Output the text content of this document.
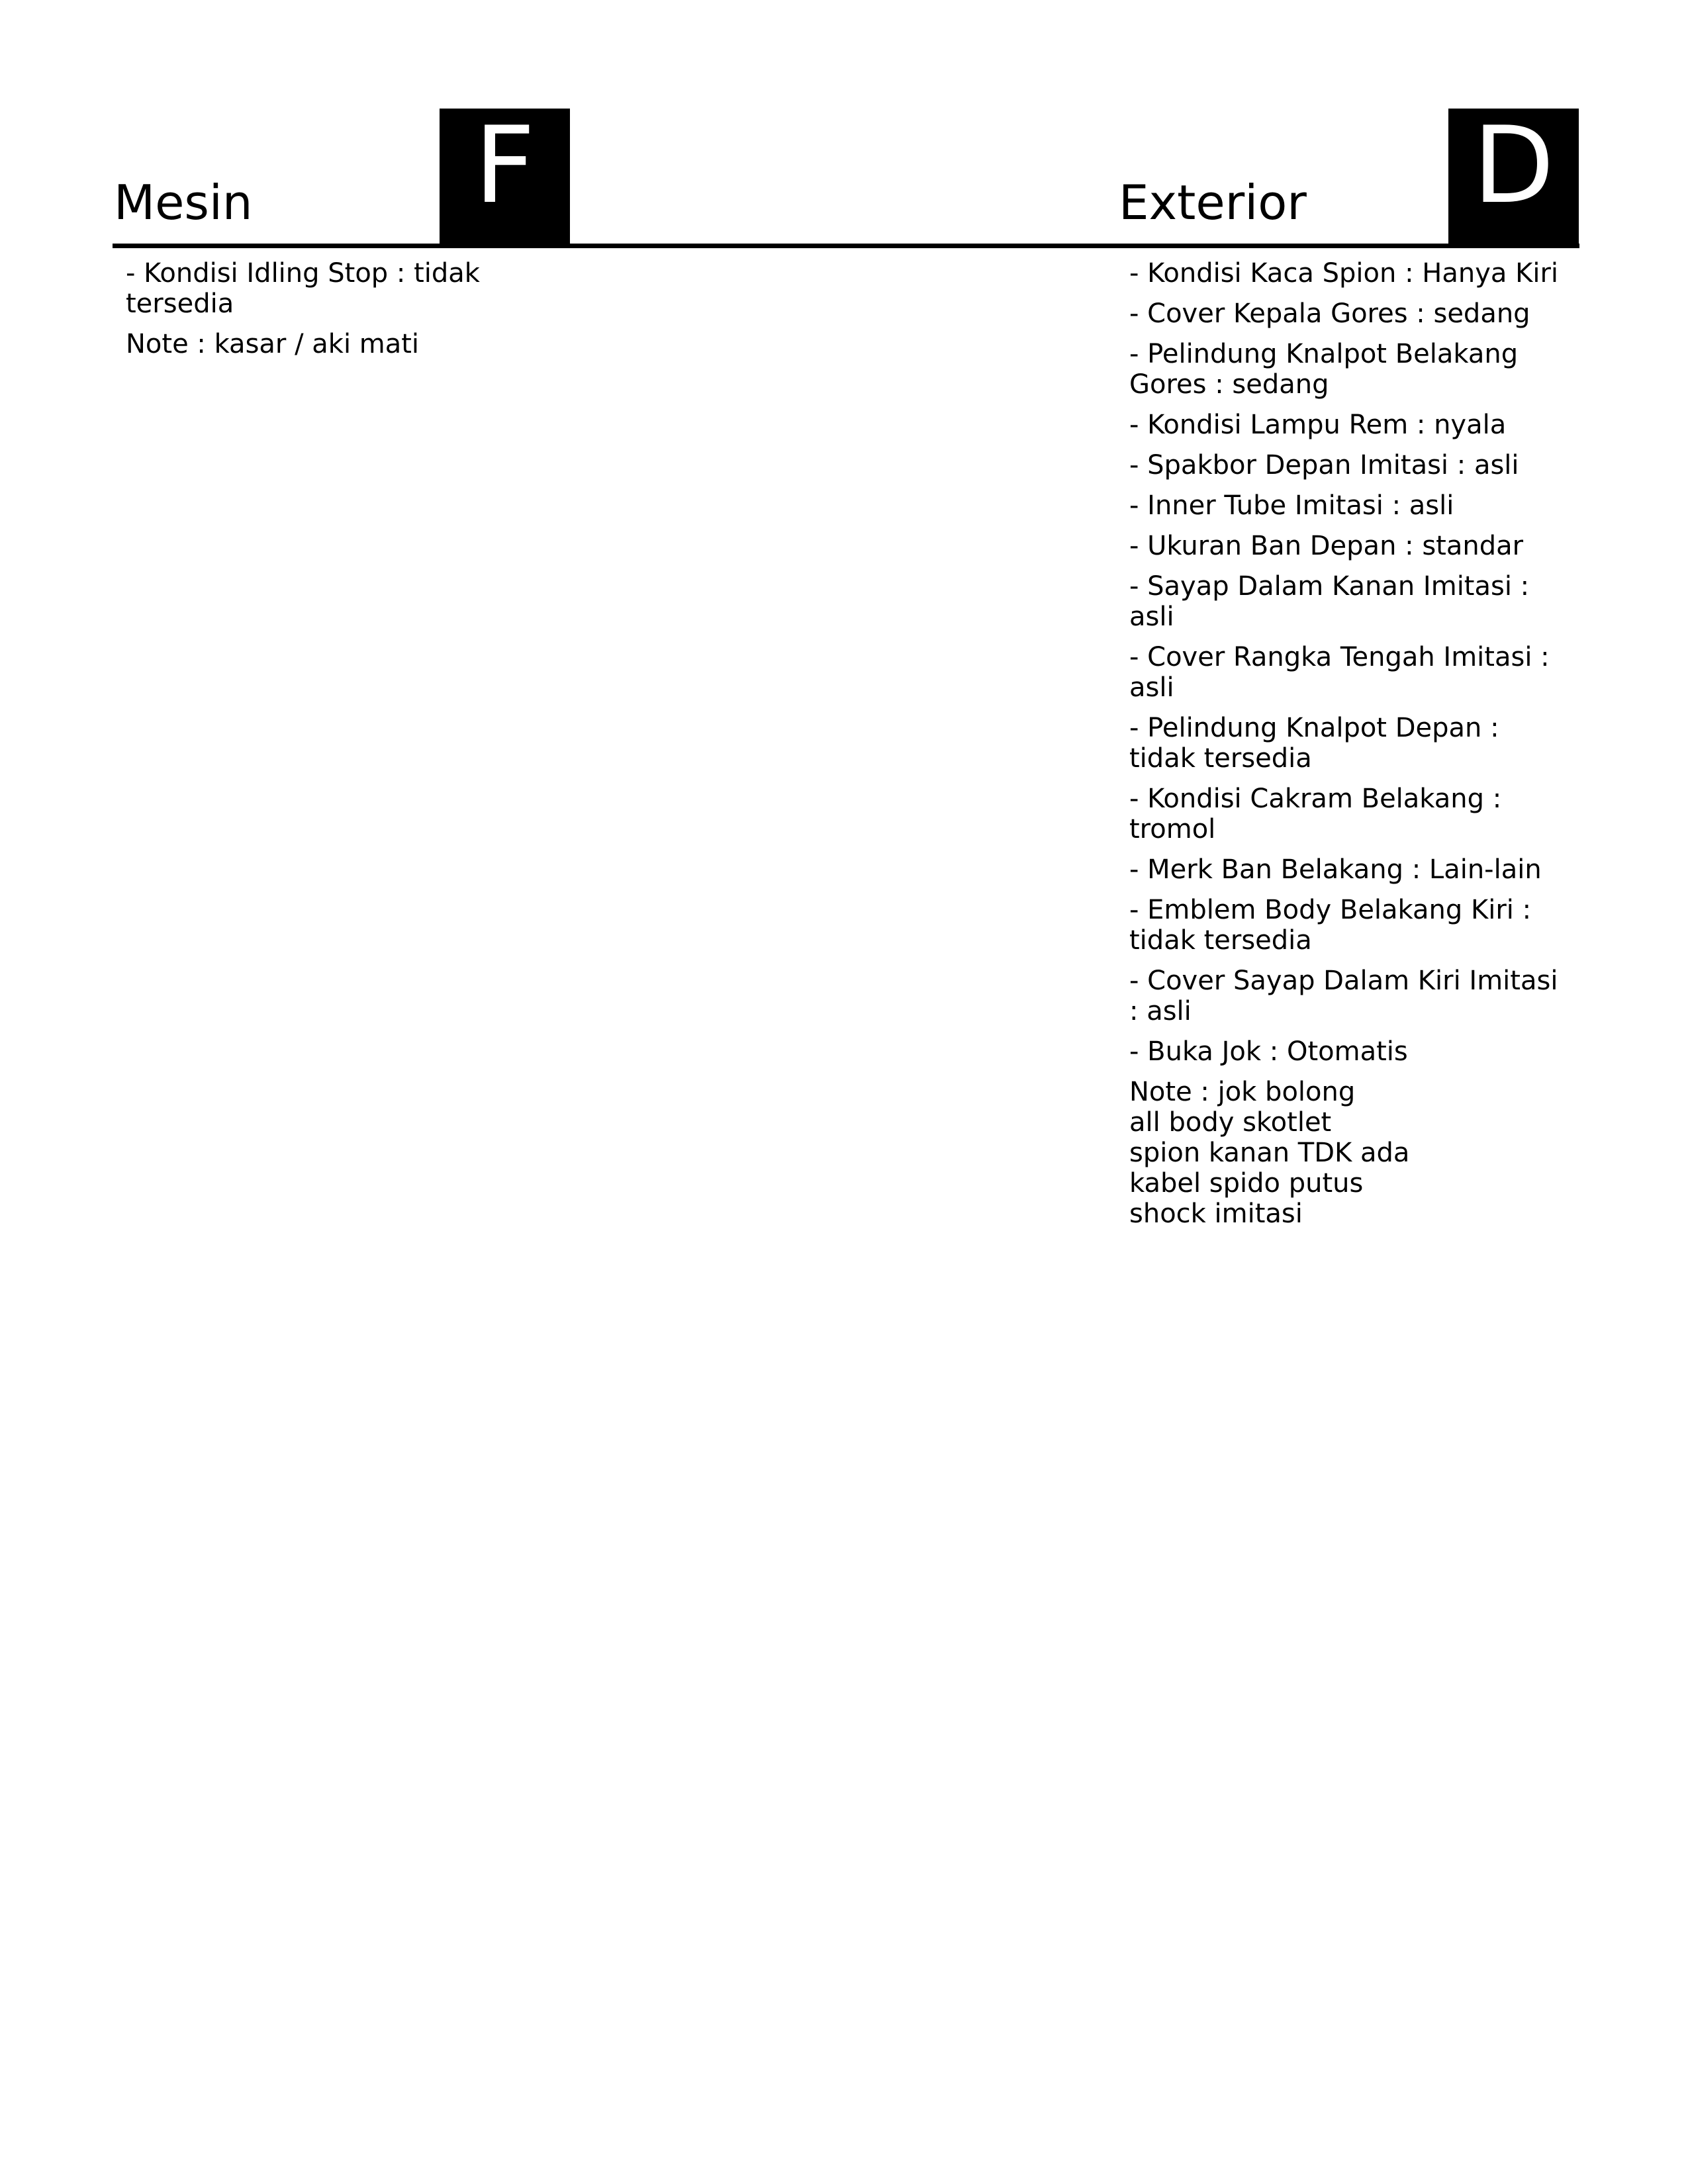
Mesin F	Exterior D

- Kondisi Idling Stop : tidak tersedia

Note : kasar / aki mati

- Kondisi Kaca Spion : Hanya Kiri

- Cover Kepala Gores : sedang

- Pelindung Knalpot Belakang Gores : sedang

- Kondisi Lampu Rem : nyala

- Spakbor Depan Imitasi : asli

- Inner Tube Imitasi : asli

- Ukuran Ban Depan : standar

- Sayap Dalam Kanan Imitasi : asli

- Cover Rangka Tengah Imitasi : asli

- Pelindung Knalpot Depan : tidak tersedia

- Kondisi Cakram Belakang : tromol

- Merk Ban Belakang : Lain-lain

- Emblem Body Belakang Kiri : tidak tersedia

- Cover Sayap Dalam Kiri Imitasi : asli

- Buka Jok : Otomatis

Note : jok bolong
all body skotlet
spion kanan TDK ada
kabel spido putus
shock imitasi
